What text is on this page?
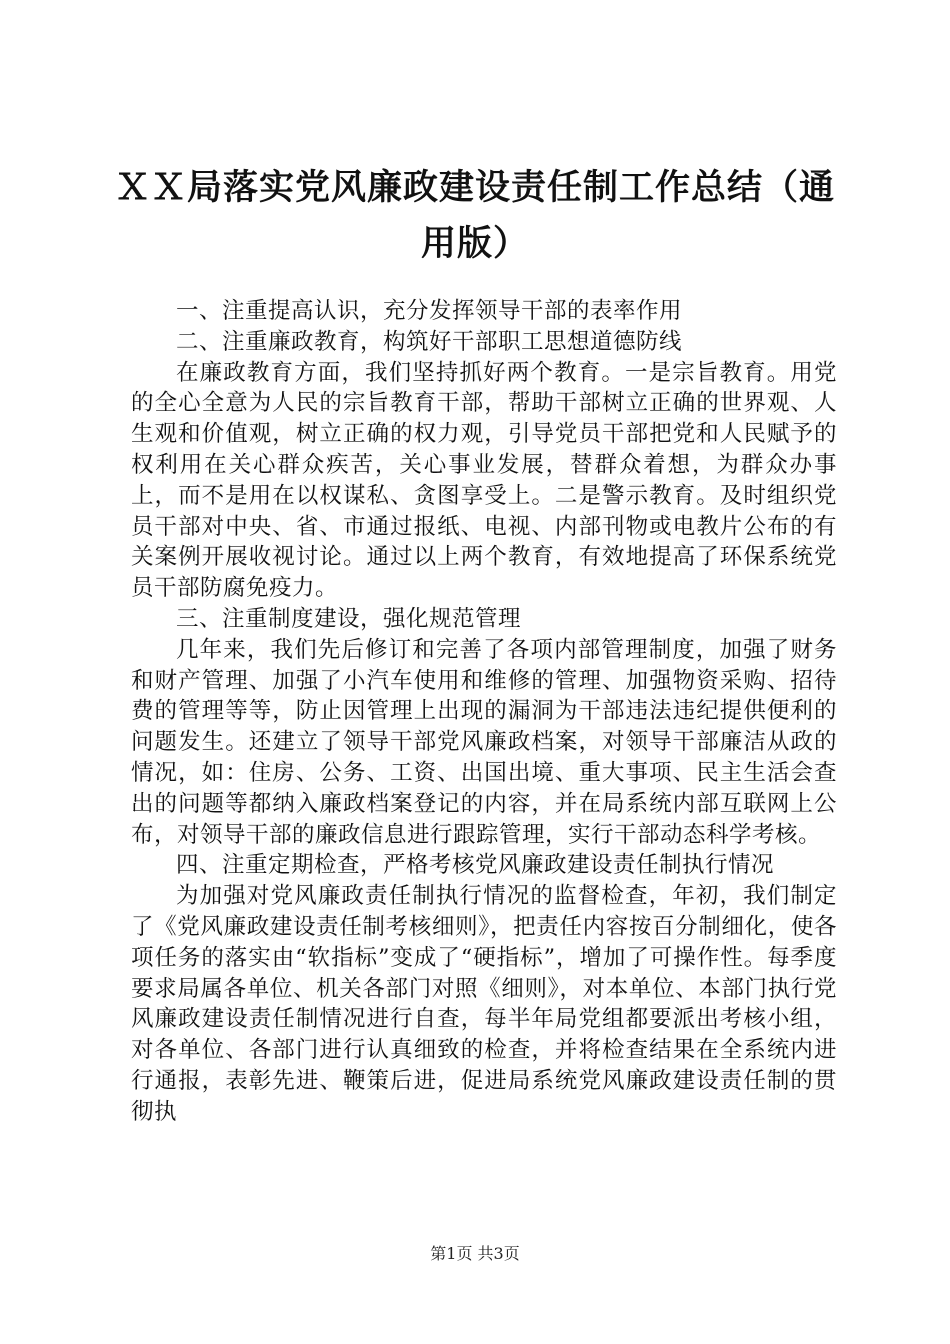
ＸＸ局落实党风廉政建设责任制工作总结（通用版）

一、注重提高认识，充分发挥领导干部的表率作用

二、注重廉政教育，构筑好干部职工思想道德防线

在廉政教育方面，我们坚持抓好两个教育。一是宗旨教育。用党的全心全意为人民的宗旨教育干部，帮助干部树立正确的世界观、人生观和价值观，树立正确的权力观，引导党员干部把党和人民赋予的权利用在关心群众疾苦，关心事业发展，替群众着想，为群众办事上，而不是用在以权谋私、贪图享受上。二是警示教育。及时组织党员干部对中央、省、市通过报纸、电视、内部刊物或电教片公布的有关案例开展收视讨论。通过以上两个教育，有效地提高了环保系统党员干部防腐免疫力。

三、注重制度建设，强化规范管理

几年来，我们先后修订和完善了各项内部管理制度，加强了财务和财产管理、加强了小汽车使用和维修的管理、加强物资采购、招待费的管理等等，防止因管理上出现的漏洞为干部违法违纪提供便利的问题发生。还建立了领导干部党风廉政档案，对领导干部廉洁从政的情况，如：住房、公务、工资、出国出境、重大事项、民主生活会查出的问题等都纳入廉政档案登记的内容，并在局系统内部互联网上公布，对领导干部的廉政信息进行跟踪管理，实行干部动态科学考核。

四、注重定期检查，严格考核党风廉政建设责任制执行情况

为加强对党风廉政责任制执行情况的监督检查，年初，我们制定了《党风廉政建设责任制考核细则》，把责任内容按百分制细化，使各项任务的落实由“软指标”变成了“硬指标”，增加了可操作性。每季度要求局属各单位、机关各部门对照《细则》，对本单位、本部门执行党风廉政建设责任制情况进行自查，每半年局党组都要派出考核小组，对各单位、各部门进行认真细致的检查，并将检查结果在全系统内进行通报，表彰先进、鞭策后进，促进局系统党风廉政建设责任制的贯彻执

第1页 共3页
